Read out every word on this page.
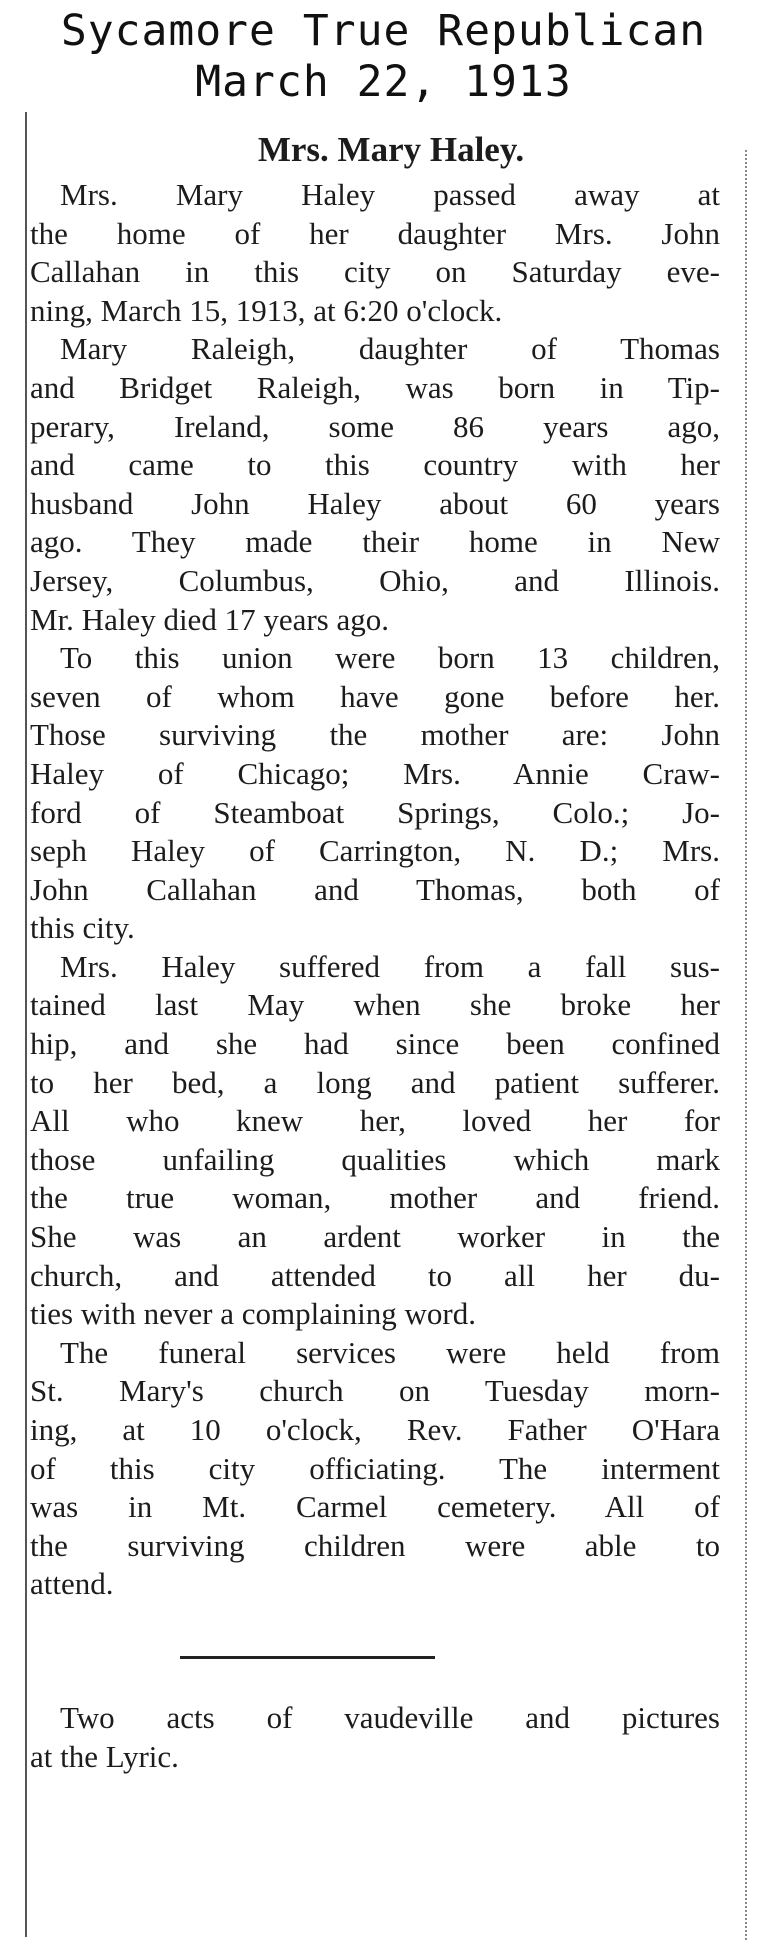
Sycamore True Republican
March 22, 1913
Mrs. Mary Haley.
Mrs. Mary Haley passed away at
the home of her daughter Mrs. John
Callahan in this city on Saturday eve-
ning, March 15, 1913, at 6:20 o'clock.
Mary Raleigh, daughter of Thomas
and Bridget Raleigh, was born in Tip-
perary, Ireland, some 86 years ago,
and came to this country with her
husband John Haley about 60 years
ago. They made their home in New
Jersey, Columbus, Ohio, and Illinois.
Mr. Haley died 17 years ago.
To this union were born 13 children,
seven of whom have gone before her.
Those surviving the mother are: John
Haley of Chicago; Mrs. Annie Craw-
ford of Steamboat Springs, Colo.; Jo-
seph Haley of Carrington, N. D.; Mrs.
John Callahan and Thomas, both of
this city.
Mrs. Haley suffered from a fall sus-
tained last May when she broke her
hip, and she had since been confined
to her bed, a long and patient sufferer.
All who knew her, loved her for
those unfailing qualities which mark
the true woman, mother and friend.
She was an ardent worker in the
church, and attended to all her du-
ties with never a complaining word.
The funeral services were held from
St. Mary's church on Tuesday morn-
ing, at 10 o'clock, Rev. Father O'Hara
of this city officiating. The interment
was in Mt. Carmel cemetery. All of
the surviving children were able to
attend.
Two acts of vaudeville and pictures
at the Lyric.
